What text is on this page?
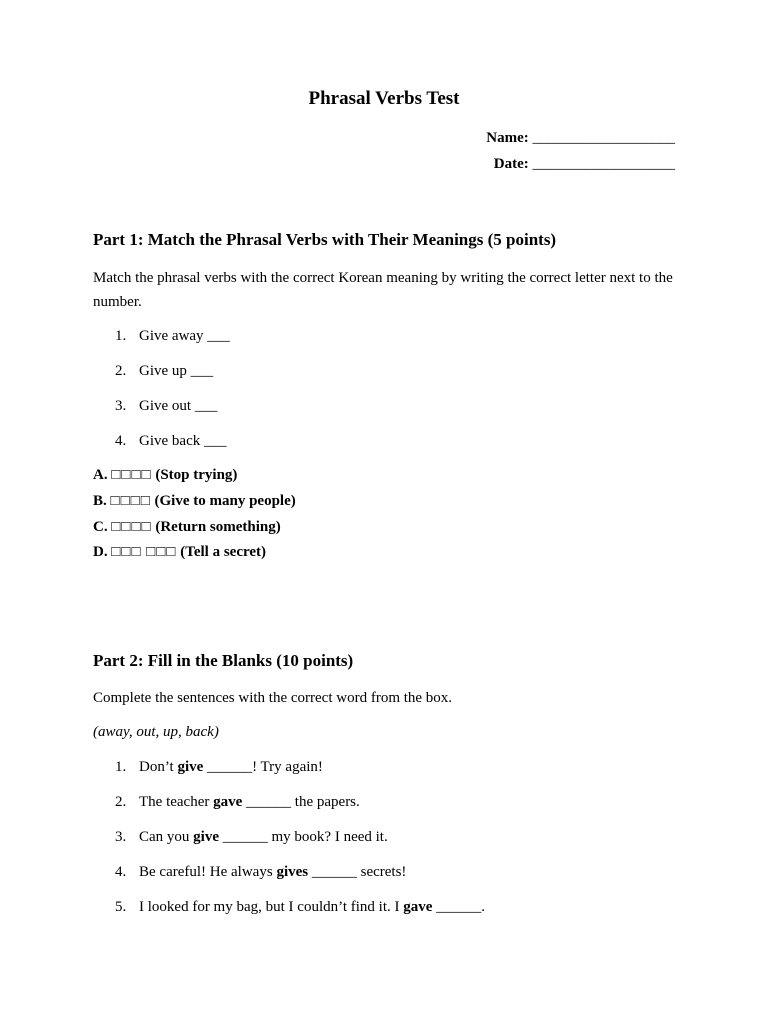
Phrasal Verbs Test
Name: ___________________
Date: ___________________
Part 1: Match the Phrasal Verbs with Their Meanings (5 points)
Match the phrasal verbs with the correct Korean meaning by writing the correct letter next to the number.
1. Give away ___
2. Give up ___
3. Give out ___
4. Give back ___
A. □□□□ (Stop trying)
B. □□□□ (Give to many people)
C. □□□□ (Return something)
D. □□□ □□□ (Tell a secret)
Part 2: Fill in the Blanks (10 points)
Complete the sentences with the correct word from the box.
(away, out, up, back)
1. Don’t give ______! Try again!
2. The teacher gave ______ the papers.
3. Can you give ______ my book? I need it.
4. Be careful! He always gives ______ secrets!
5. I looked for my bag, but I couldn’t find it. I gave ______.
